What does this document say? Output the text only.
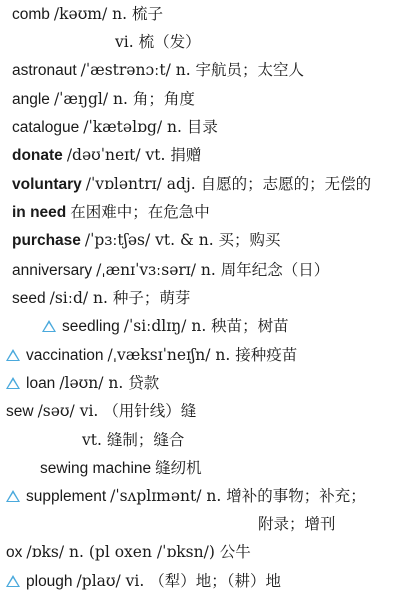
comb /kəʊm/ n. 梳子
vi. 梳（发）
astronaut /ˈæstrənɔːt/ n. 宇航员；太空人
angle /ˈæŋgl/ n. 角；角度
catalogue /ˈkætəlɒg/ n. 目录
donate /dəʊˈneɪt/ vt. 捐赠
voluntary /ˈvɒləntrɪ/ adj. 自愿的；志愿的；无偿的
in need 在困难中；在危急中
purchase /ˈpɜːtʃəs/ vt. & n. 买；购买
anniversary /ˌænɪˈvɜːsərɪ/ n. 周年纪念（日）
seed /siːd/ n. 种子；萌芽
seedling /ˈsiːdlɪŋ/ n. 秧苗；树苗
vaccination /ˌvæksɪˈneɪʃn/ n. 接种疫苗
loan /ləʊn/ n. 贷款
sew /səʊ/ vi. （用针线）缝
vt. 缝制；缝合
sewing machine 缝纫机
supplement /ˈsʌplɪmənt/ n. 增补的事物；补充；
附录；增刊
ox /ɒks/ n. (pl oxen /ˈɒksn/) 公牛
plough /plaʊ/ vi. （犁）地；（耕）地
